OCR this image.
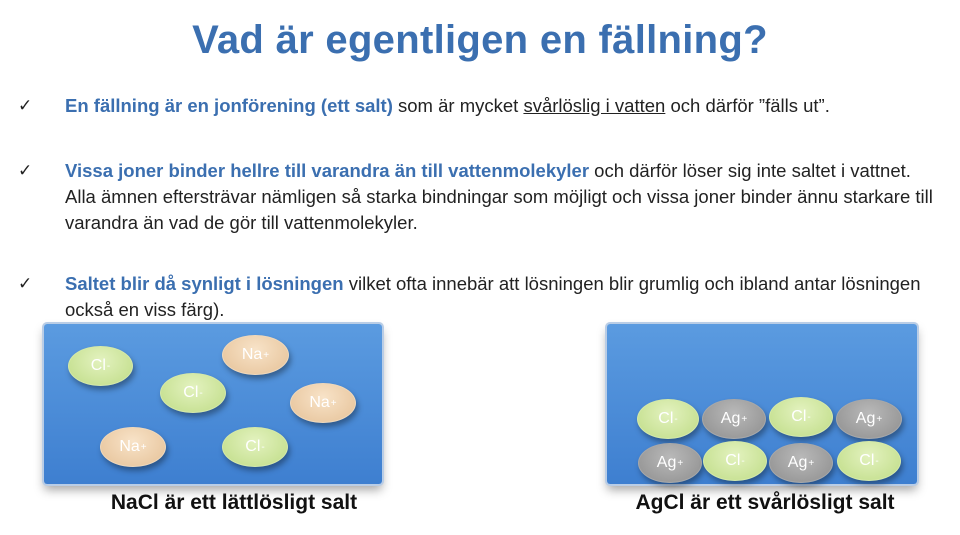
Vad är egentligen en fällning?
✓	En fällning är en jonförening (ett salt) som är mycket svårlöslig i vatten och därför ”fälls ut”.
✓	Vissa joner binder hellre till varandra än till vattenmolekyler och därför löser sig inte saltet i vattnet. Alla ämnen eftersträvar nämligen så starka bindningar som möjligt och vissa joner binder ännu starkare till varandra än vad de gör till vattenmolekyler.
✓	Saltet blir då synligt i lösningen vilket ofta innebär att lösningen blir grumlig och ibland antar lösningen också en viss färg).
Cl -
Na +
Cl -
Na +
Na +	Cl -
NaCl är ett lättlösligt salt
Cl -	Ag +	Cl -	Ag +
Ag +	Cl -	Ag +	Cl -
AgCl är ett svårlösligt salt
